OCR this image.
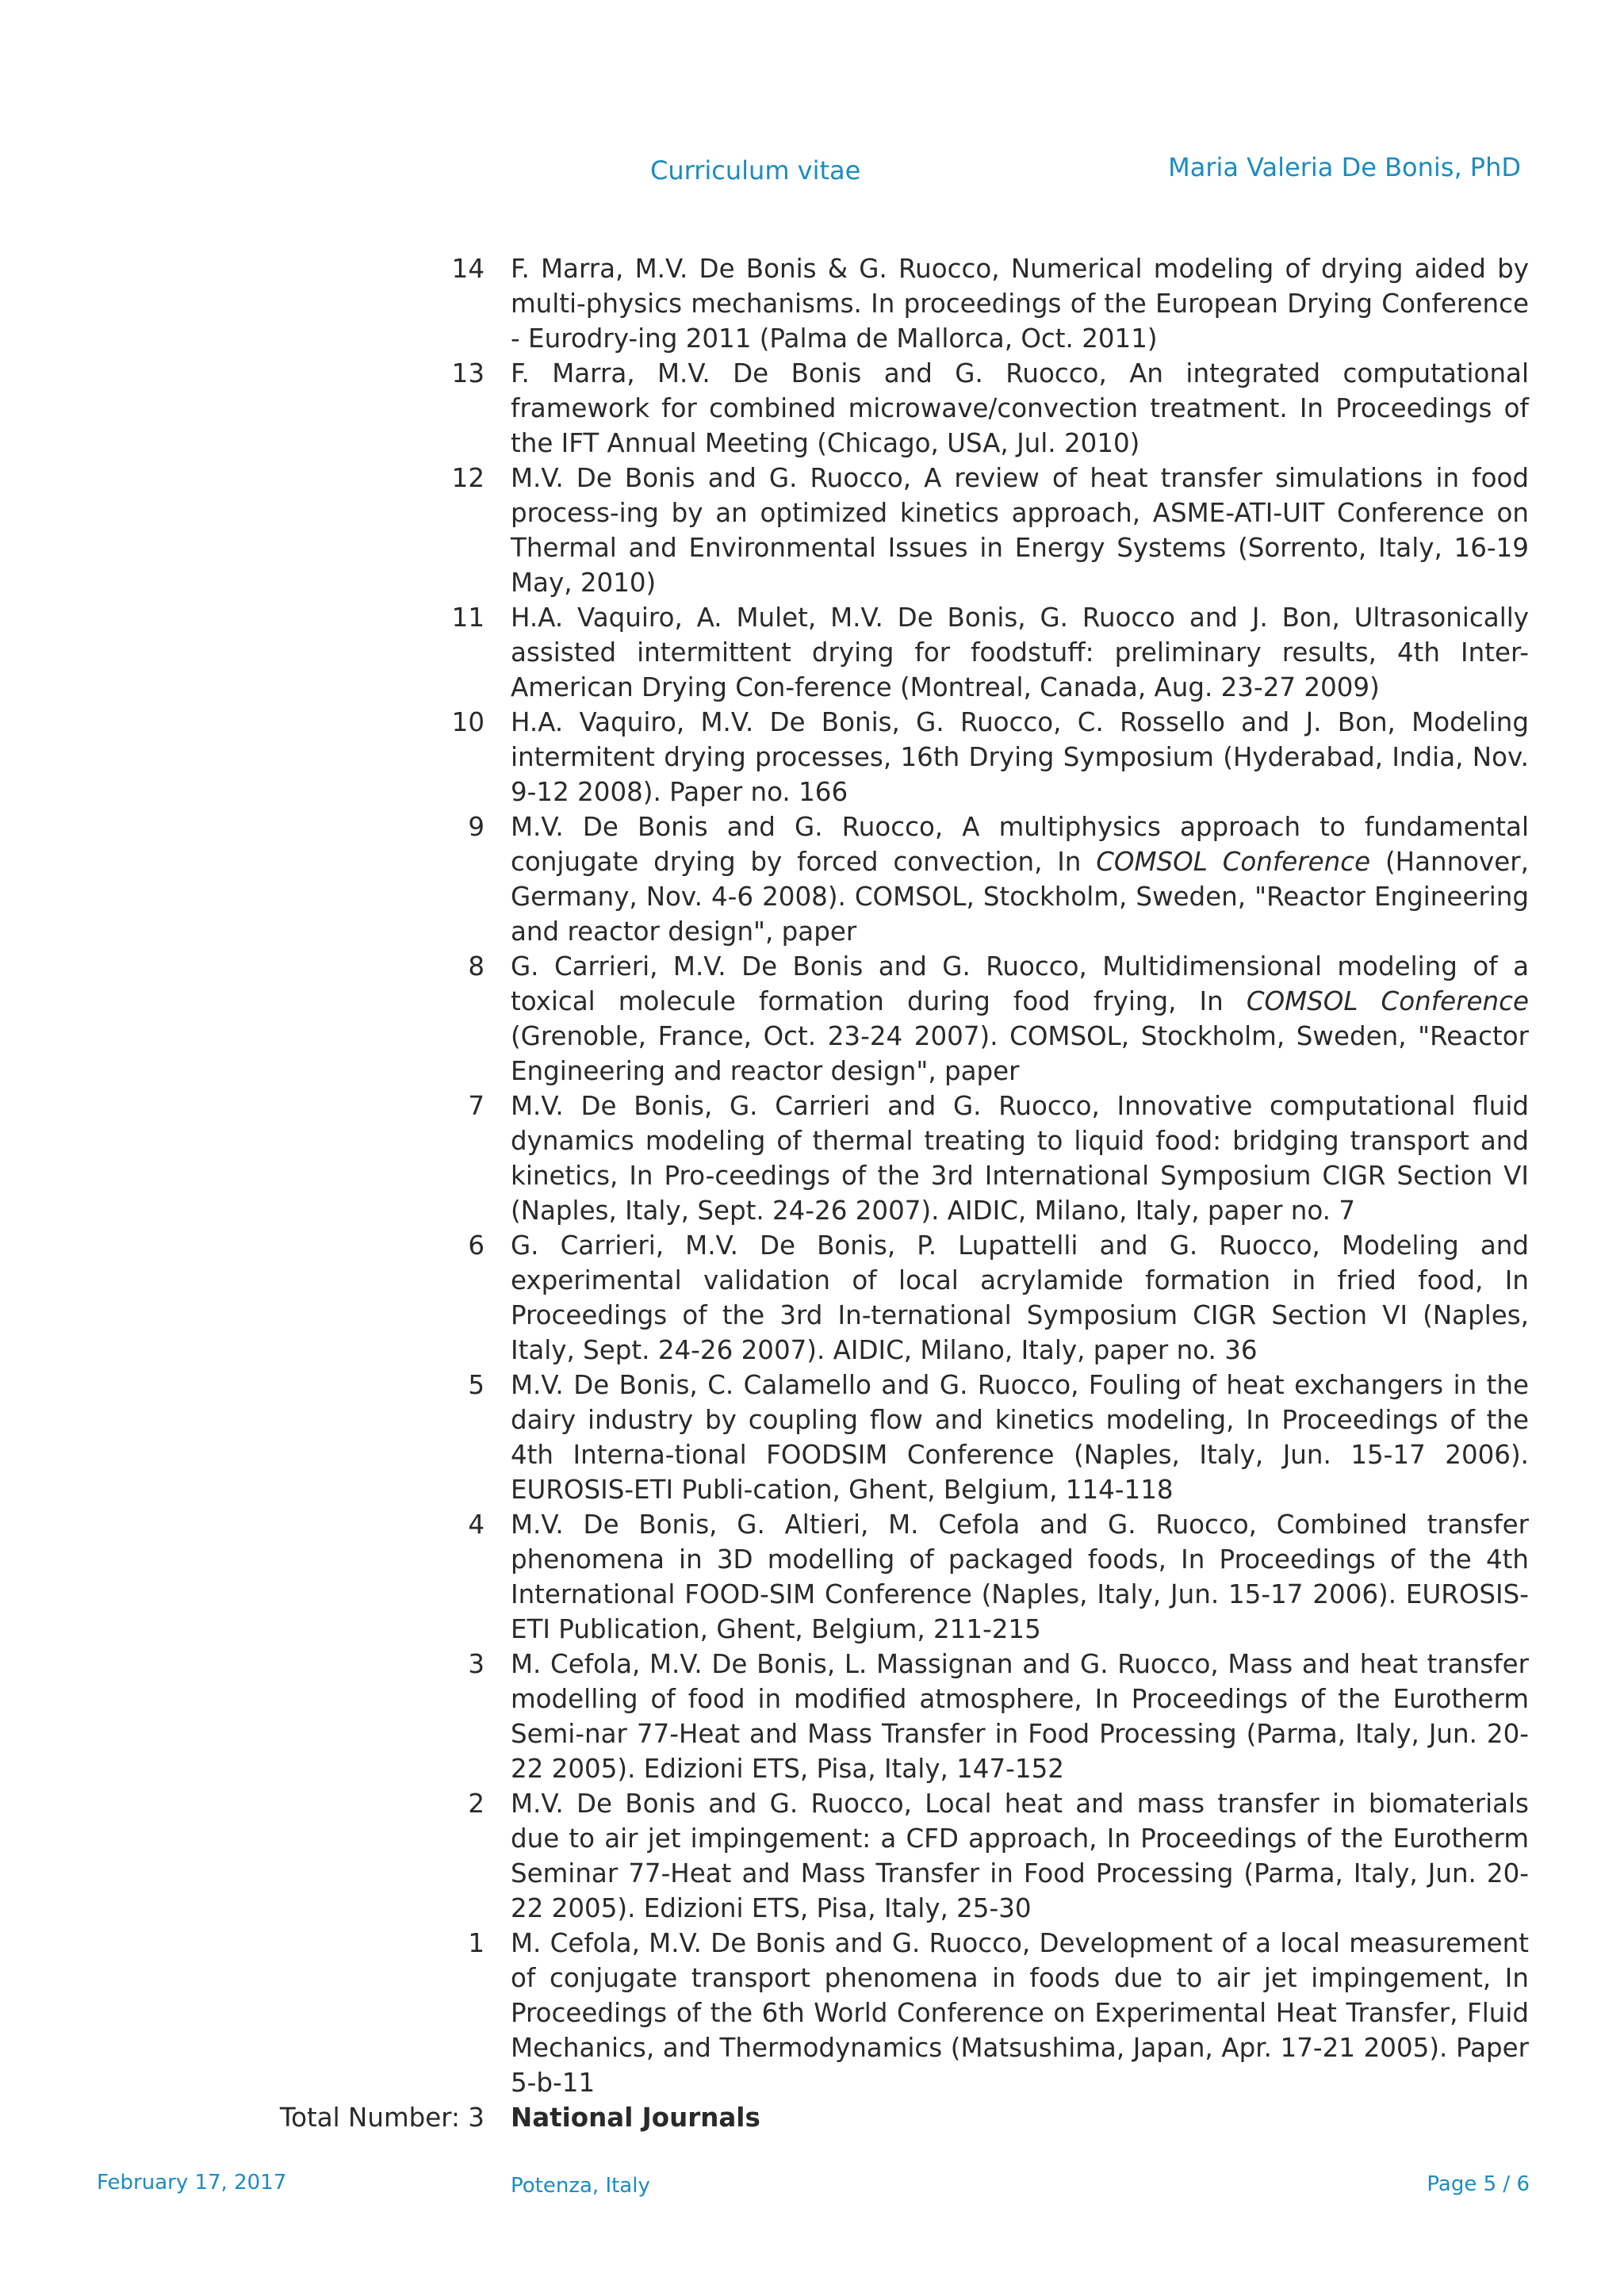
Curriculum vitae	Maria Valeria De Bonis, PhD
14 F. Marra, M.V. De Bonis & G. Ruocco, Numerical modeling of drying aided by multi-physics mechanisms. In proceedings of the European Drying Conference - Eurodry-ing 2011 (Palma de Mallorca, Oct. 2011)
13 F. Marra, M.V. De Bonis and G. Ruocco, An integrated computational framework for combined microwave/convection treatment. In Proceedings of the IFT Annual Meeting (Chicago, USA, Jul. 2010)
12 M.V. De Bonis and G. Ruocco, A review of heat transfer simulations in food process-ing by an optimized kinetics approach, ASME-ATI-UIT Conference on Thermal and Environmental Issues in Energy Systems (Sorrento, Italy, 16-19 May, 2010)
11 H.A. Vaquiro, A. Mulet, M.V. De Bonis, G. Ruocco and J. Bon, Ultrasonically assisted intermittent drying for foodstuff: preliminary results, 4th Inter-American Drying Con-ference (Montreal, Canada, Aug. 23-27 2009)
10 H.A. Vaquiro, M.V. De Bonis, G. Ruocco, C. Rossello and J. Bon, Modeling intermitent drying processes, 16th Drying Symposium (Hyderabad, India, Nov. 9-12 2008). Paper no. 166
9 M.V. De Bonis and G. Ruocco, A multiphysics approach to fundamental conjugate drying by forced convection, In COMSOL Conference (Hannover, Germany, Nov. 4-6 2008). COMSOL, Stockholm, Sweden, "Reactor Engineering and reactor design", paper
8 G. Carrieri, M.V. De Bonis and G. Ruocco, Multidimensional modeling of a toxical molecule formation during food frying, In COMSOL Conference (Grenoble, France, Oct. 23-24 2007). COMSOL, Stockholm, Sweden, "Reactor Engineering and reactor design", paper
7 M.V. De Bonis, G. Carrieri and G. Ruocco, Innovative computational fluid dynamics modeling of thermal treating to liquid food: bridging transport and kinetics, In Pro-ceedings of the 3rd International Symposium CIGR Section VI (Naples, Italy, Sept. 24-26 2007). AIDIC, Milano, Italy, paper no. 7
6 G. Carrieri, M.V. De Bonis, P. Lupattelli and G. Ruocco, Modeling and experimental validation of local acrylamide formation in fried food, In Proceedings of the 3rd In-ternational Symposium CIGR Section VI (Naples, Italy, Sept. 24-26 2007). AIDIC, Milano, Italy, paper no. 36
5 M.V. De Bonis, C. Calamello and G. Ruocco, Fouling of heat exchangers in the dairy industry by coupling flow and kinetics modeling, In Proceedings of the 4th Interna-tional FOODSIM Conference (Naples, Italy, Jun. 15-17 2006). EUROSIS-ETI Publi-cation, Ghent, Belgium, 114-118
4 M.V. De Bonis, G. Altieri, M. Cefola and G. Ruocco, Combined transfer phenomena in 3D modelling of packaged foods, In Proceedings of the 4th International FOOD-SIM Conference (Naples, Italy, Jun. 15-17 2006). EUROSIS-ETI Publication, Ghent, Belgium, 211-215
3 M. Cefola, M.V. De Bonis, L. Massignan and G. Ruocco, Mass and heat transfer modelling of food in modified atmosphere, In Proceedings of the Eurotherm Semi-nar 77-Heat and Mass Transfer in Food Processing (Parma, Italy, Jun. 20-22 2005). Edizioni ETS, Pisa, Italy, 147-152
2 M.V. De Bonis and G. Ruocco, Local heat and mass transfer in biomaterials due to air jet impingement: a CFD approach, In Proceedings of the Eurotherm Seminar 77-Heat and Mass Transfer in Food Processing (Parma, Italy, Jun. 20-22 2005). Edizioni ETS, Pisa, Italy, 25-30
1 M. Cefola, M.V. De Bonis and G. Ruocco, Development of a local measurement of conjugate transport phenomena in foods due to air jet impingement, In Proceedings of the 6th World Conference on Experimental Heat Transfer, Fluid Mechanics, and Thermodynamics (Matsushima, Japan, Apr. 17-21 2005). Paper 5-b-11
Total Number: 3 National Journals
February 17, 2017	Potenza, Italy	Page 5 / 6
